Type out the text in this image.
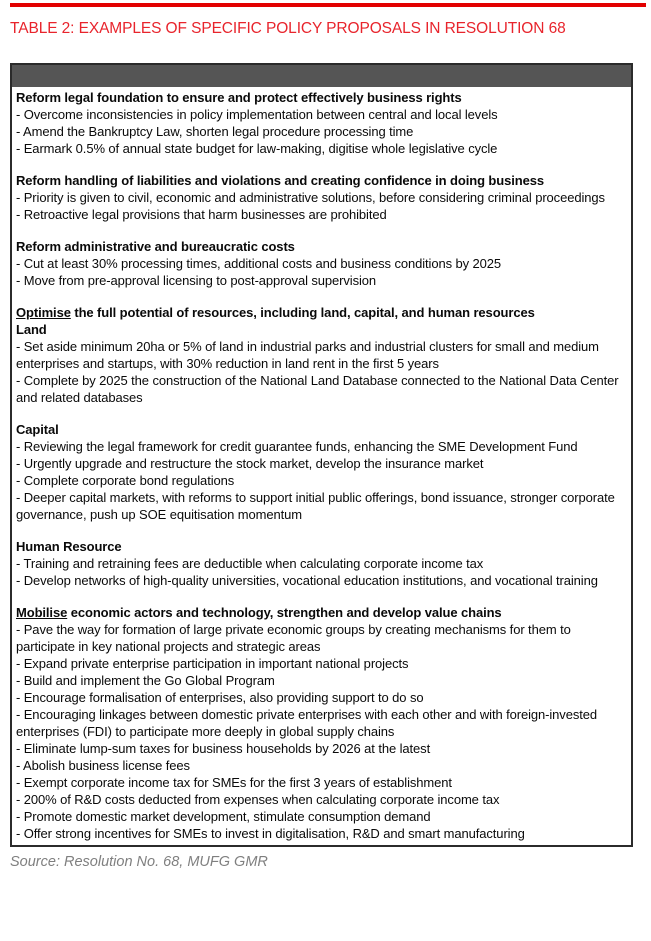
TABLE 2: EXAMPLES OF SPECIFIC POLICY PROPOSALS IN RESOLUTION 68
Reform legal foundation to ensure and protect effectively business rights
- Overcome inconsistencies in policy implementation between central and local levels
- Amend the Bankruptcy Law, shorten legal procedure processing time
- Earmark 0.5% of annual state budget for law-making, digitise whole legislative cycle
Reform handling of liabilities and violations and creating confidence in doing business
- Priority is given to civil, economic and administrative solutions, before considering criminal proceedings
- Retroactive legal provisions that harm businesses are prohibited
Reform administrative and bureaucratic costs
- Cut at least 30% processing times, additional costs and business conditions by 2025
- Move from pre-approval licensing to post-approval supervision
Optimise the full potential of resources, including land, capital, and human resources
Land
- Set aside minimum 20ha or 5% of land in industrial parks and industrial clusters for small and medium enterprises and startups, with 30% reduction in land rent in the first 5 years
- Complete by 2025 the construction of the National Land Database connected to the National Data Center and related databases
Capital
- Reviewing the legal framework for credit guarantee funds, enhancing the SME Development Fund
- Urgently upgrade and restructure the stock market, develop the insurance market
- Complete corporate bond regulations
- Deeper capital markets, with reforms to support initial public offerings, bond issuance, stronger corporate governance, push up SOE equitisation momentum
Human Resource
- Training and retraining fees are deductible when calculating corporate income tax
- Develop networks of high-quality universities, vocational education institutions, and vocational training
Mobilise economic actors and technology, strengthen and develop value chains
- Pave the way for formation of large private economic groups by creating mechanisms for them to participate in key national projects and strategic areas
- Expand private enterprise participation in important national projects
- Build and implement the Go Global Program
- Encourage formalisation of enterprises, also providing support to do so
- Encouraging linkages between domestic private enterprises with each other and with foreign-invested enterprises (FDI) to participate more deeply in global supply chains
- Eliminate lump-sum taxes for business households by 2026 at the latest
- Abolish business license fees
- Exempt corporate income tax for SMEs for the first 3 years of establishment
- 200% of R&D costs deducted from expenses when calculating corporate income tax
- Promote domestic market development, stimulate consumption demand
- Offer strong incentives for SMEs to invest in digitalisation, R&D and smart manufacturing
Source: Resolution No. 68, MUFG GMR
